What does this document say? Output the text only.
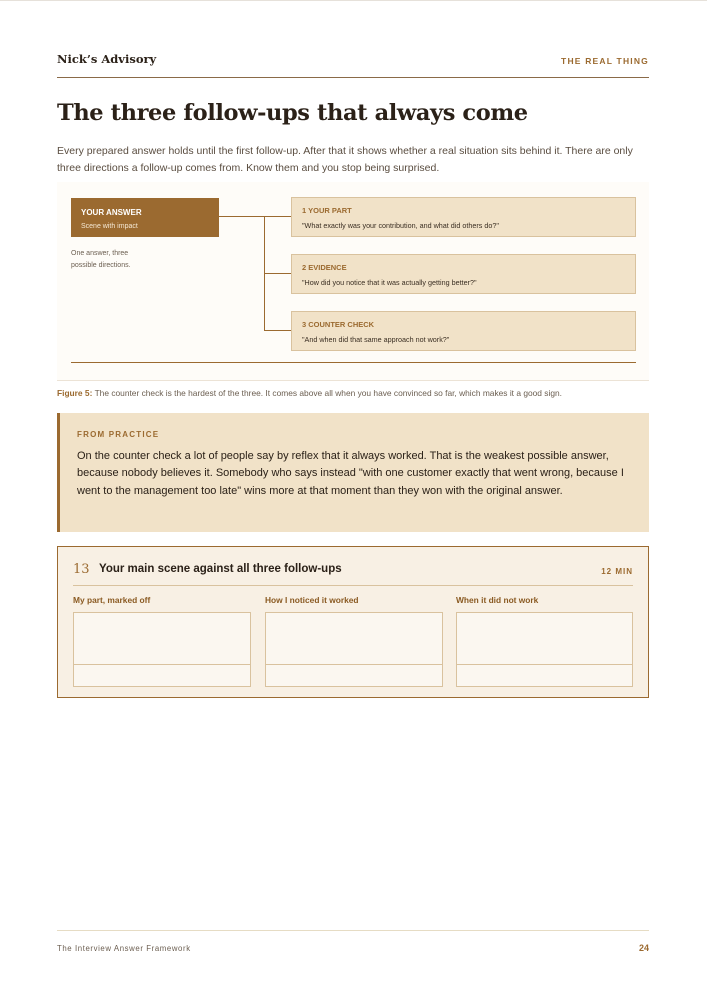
Nick’s Advisory	THE REAL THING
The three follow-ups that always come

Every prepared answer holds until the first follow-up. After that it shows whether a real situation sits behind it. There are only three directions a follow-up comes from. Know them and you stop being surprised.

YOUR ANSWER
Scene with impact
One answer, three possible directions.
1 YOUR PART
"What exactly was your contribution, and what did others do?"
2 EVIDENCE
"How did you notice that it was actually getting better?"
3 COUNTER CHECK
"And when did that same approach not work?"
Figure 5: The counter check is the hardest of the three. It comes above all when you have convinced so far, which makes it a good sign.
FROM PRACTICE

On the counter check a lot of people say by reflex that it always worked. That is the weakest possible answer, because nobody believes it. Somebody who says instead "with one customer exactly that went wrong, because I went to the management too late" wins more at that moment than they won with the original answer.

13 Your main scene against all three follow-ups	12 MIN
My part, marked off	How I noticed it worked	When it did not work
The Interview Answer Framework	24
